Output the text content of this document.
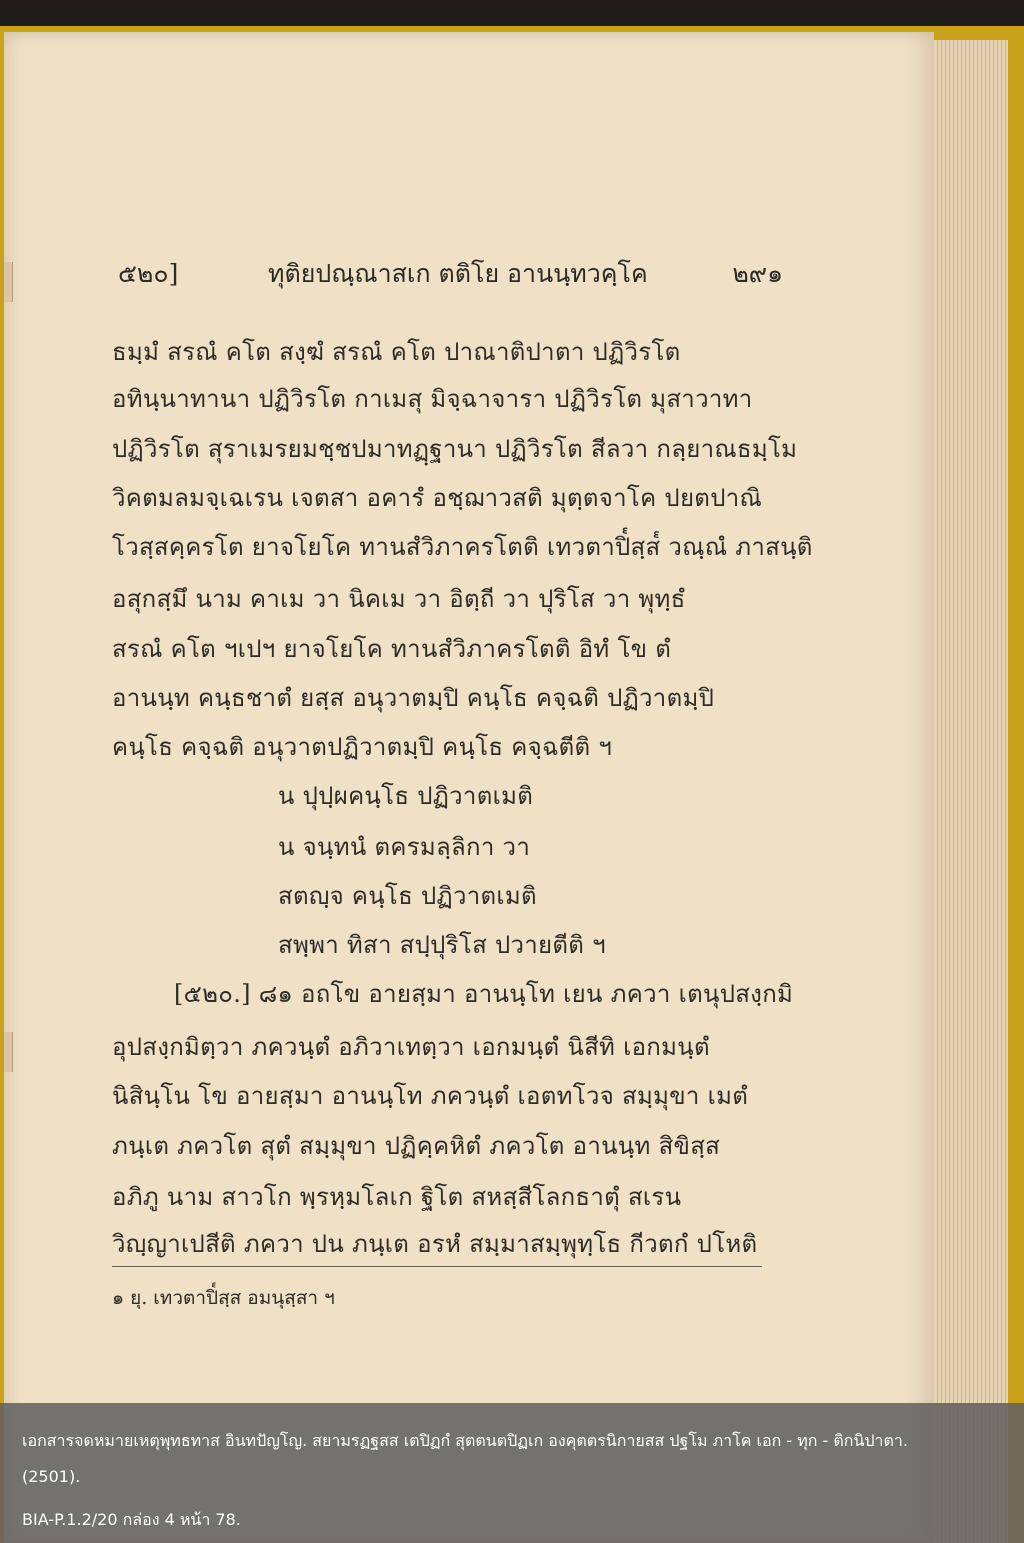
๕๒๐]	ทุติยปณฺณาสเก ตติโย อานนฺทวคฺโค	๒๙๑
ธมฺมํ สรณํ คโต สงฺฆํ สรณํ คโต ปาณาติปาตา ปฏิวิรโต
อทินฺนาทานา ปฏิวิรโต กาเมสุ มิจฺฉาจารา ปฏิวิรโต มุสาวาทา
ปฏิวิรโต สุราเมรยมชฺชปมาทฏฺฐานา ปฏิวิรโต สีลวา กลฺยาณธมฺโม
วิคตมลมจฺเฉเรน เจตสา อคารํ อชฺฌาวสติ มุตฺตจาโค ปยตปาณิ
โวสฺสคฺครโต ยาจโยโค ทานสํวิภาครโตติ เทวตาปิ๎สฺส๎ วณฺณํ ภาสนฺติ
อสุกสฺมึ นาม คาเม วา นิคเม วา อิตฺถี วา ปุริโส วา พุทฺธํ
สรณํ คโต ฯเปฯ ยาจโยโค ทานสํวิภาครโตติ อิทํ โข ตํ
อานนฺท คนฺธชาตํ ยสฺส อนุวาตมฺปิ คนฺโธ คจฺฉติ ปฏิวาตมฺปิ
คนฺโธ คจฺฉติ อนุวาตปฏิวาตมฺปิ คนฺโธ คจฺฉตีติ ฯ
น ปุปฺผคนฺโธ ปฏิวาตเมติ
น จนฺทนํ ตครมลฺลิกา วา
สตญฺจ คนฺโธ ปฏิวาตเมติ
สพฺพา ทิสา สปฺปุริโส ปวายตีติ ฯ
[๕๒๐.] ๘๑ อถโข อายสฺมา อานนฺโท เยน ภควา เตนุปสงฺกมิ
อุปสงฺกมิตฺวา ภควนฺตํ อภิวาเทตฺวา เอกมนฺตํ นิสีทิ เอกมนฺตํ
นิสินฺโน โข อายสฺมา อานนฺโท ภควนฺตํ เอตทโวจ สมฺมุขา เมตํ
ภนฺเต ภควโต สุตํ สมฺมุขา ปฏิคฺคหิตํ ภควโต อานนฺท สิขิสฺส
อภิภู นาม สาวโก พฺรหฺมโลเก ฐิโต สหสฺสีโลกธาตุํ สเรน
วิญฺญาเปสีติ ภควา ปน ภนฺเต อรหํ สมฺมาสมฺพุทฺโธ กีวตกํ ปโหติ
๑ ยุ. เทวตาปิ๎สฺส อมนุสฺสา ฯ
เอกสารจดหมายเหตุพุทธทาส อินทปัญโญ. สยามรฏฐสส เตปิฏกํ สุตตนตปิฏเก องคุตตรนิกายสส ปฐโม ภาโค เอก - ทุก - ติกนิปาตา.
(2501).
BIA-P.1.2/20 กล่อง 4 หน้า 78.
